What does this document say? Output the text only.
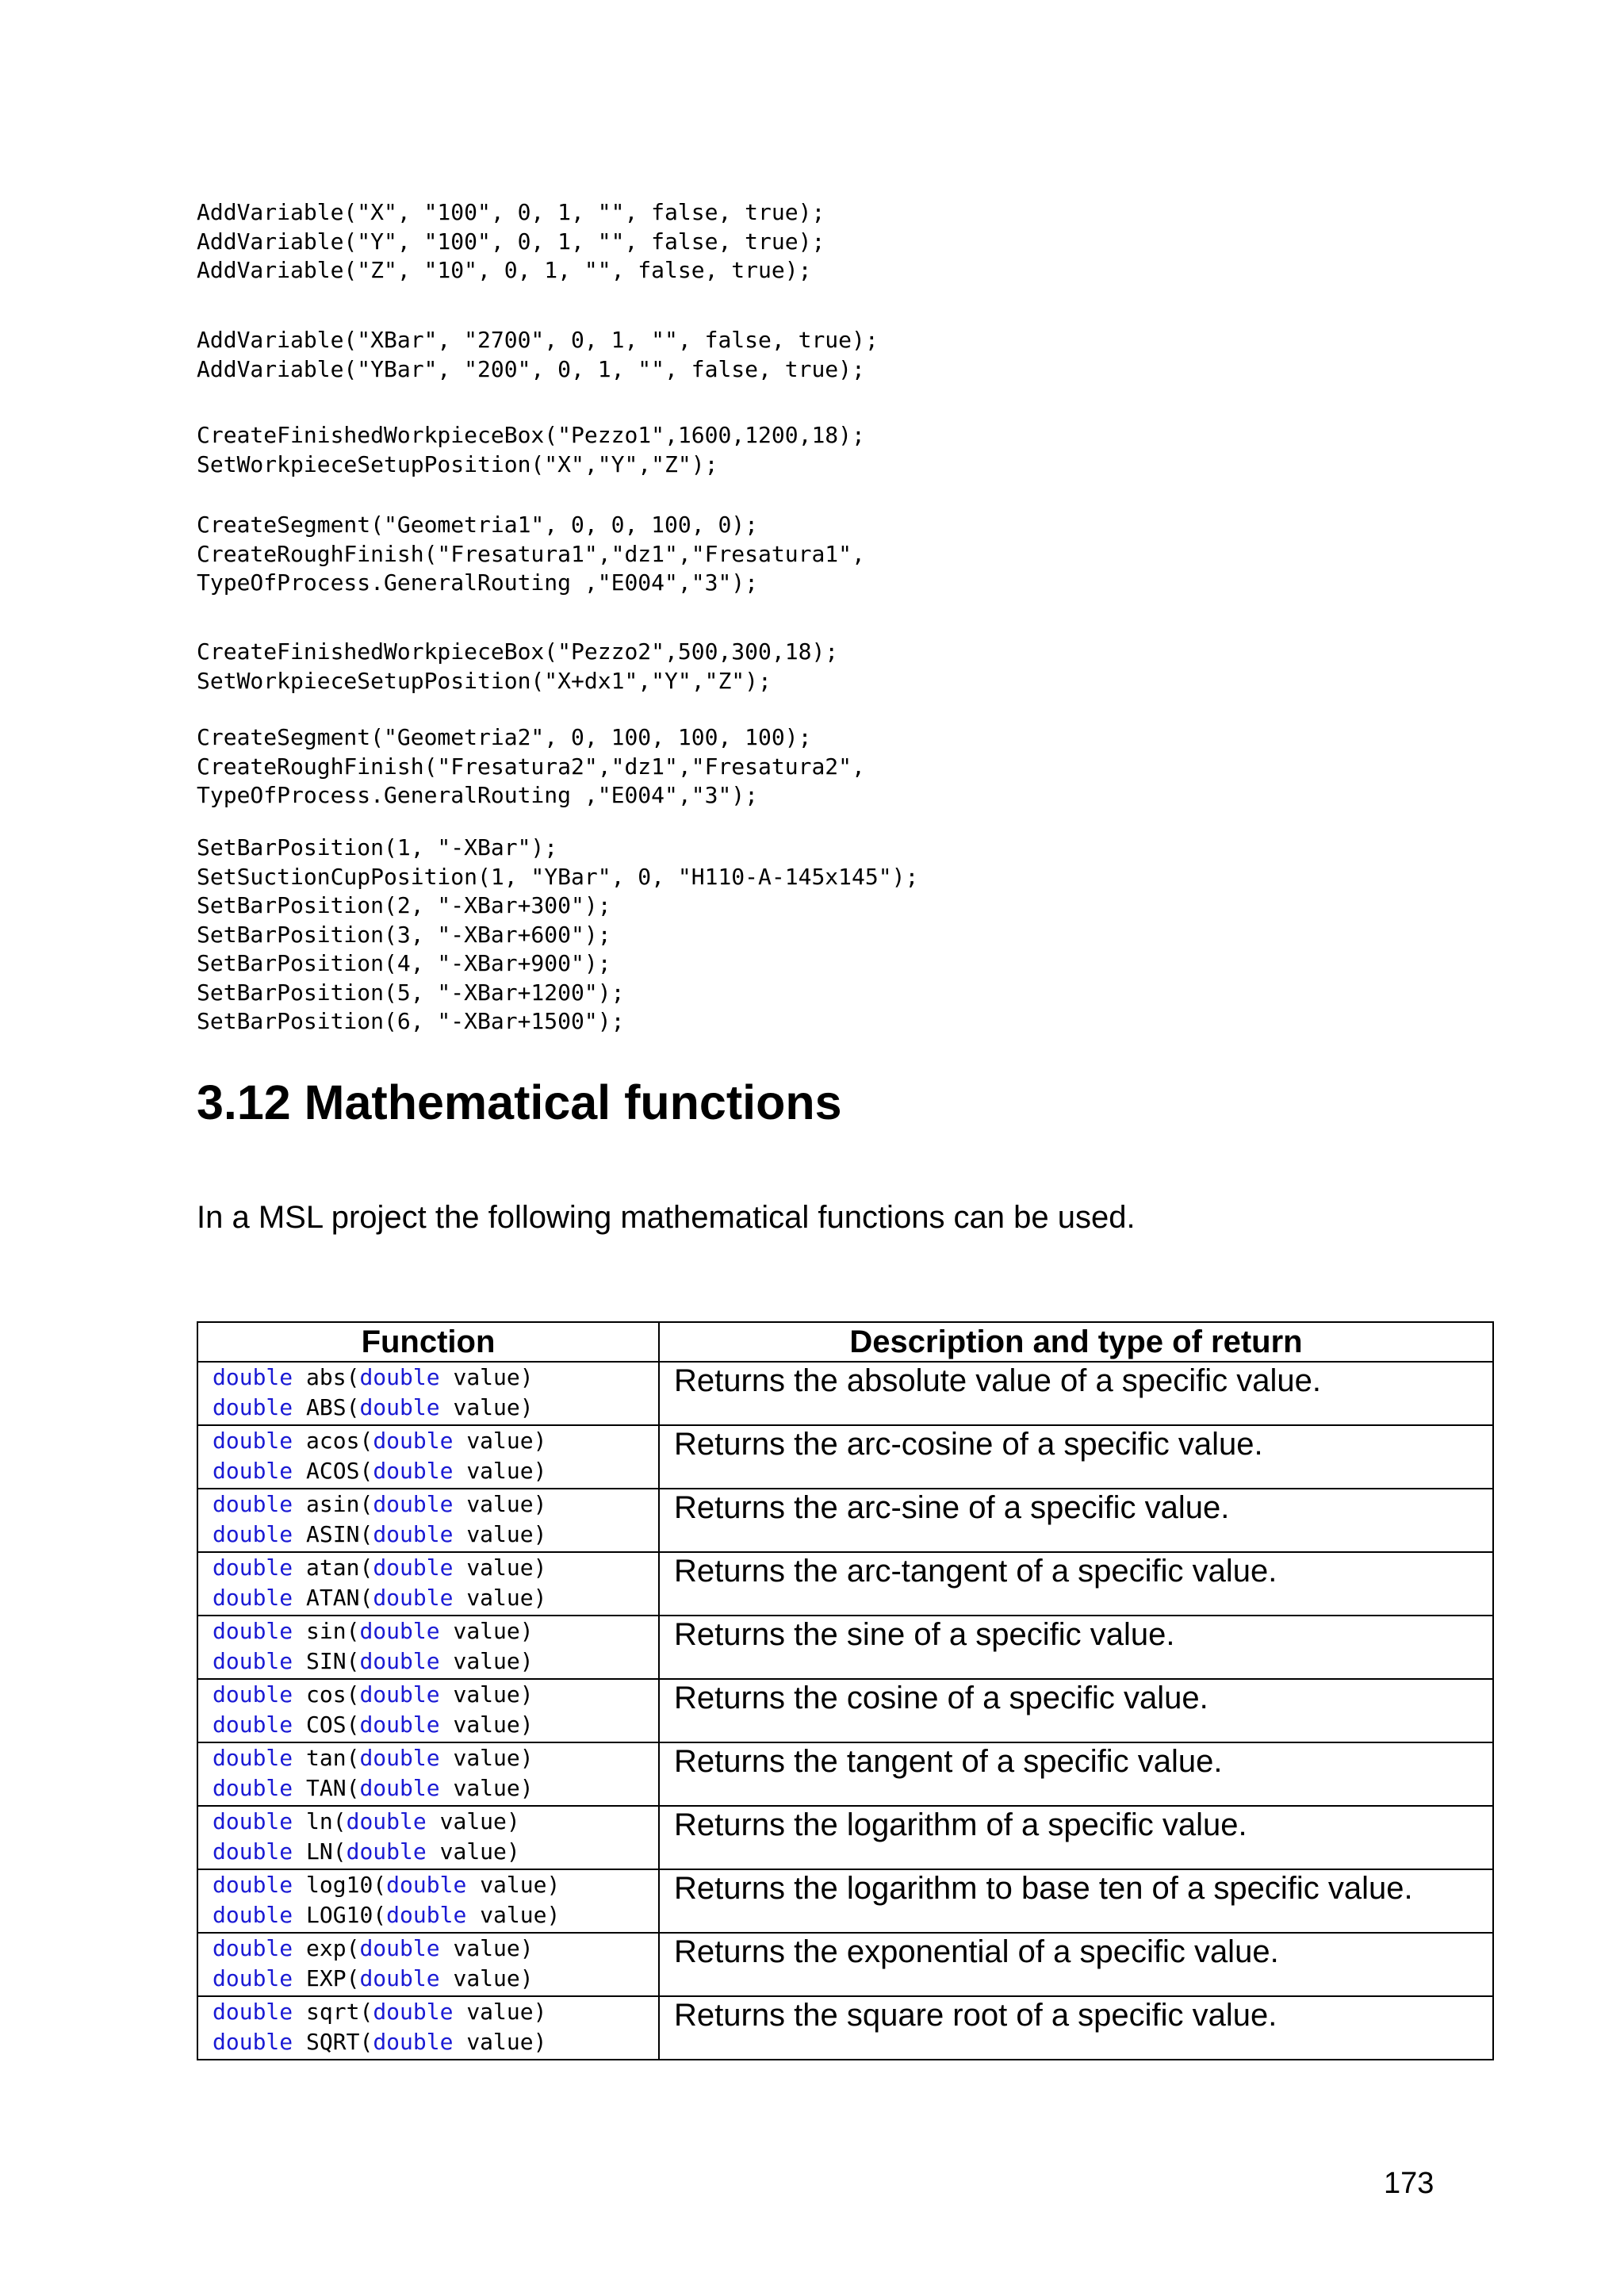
AddVariable("X", "100", 0, 1, "", false, true);
AddVariable("Y", "100", 0, 1, "", false, true);
AddVariable("Z", "10", 0, 1, "", false, true);
AddVariable("XBar", "2700", 0, 1, "", false, true);
AddVariable("YBar", "200", 0, 1, "", false, true);
CreateFinishedWorkpieceBox("Pezzo1",1600,1200,18);
SetWorkpieceSetupPosition("X","Y","Z");
CreateSegment("Geometria1", 0, 0, 100, 0);
CreateRoughFinish("Fresatura1","dz1","Fresatura1",
TypeOfProcess.GeneralRouting ,"E004","3");
CreateFinishedWorkpieceBox("Pezzo2",500,300,18);
SetWorkpieceSetupPosition("X+dx1","Y","Z");
CreateSegment("Geometria2", 0, 100, 100, 100);
CreateRoughFinish("Fresatura2","dz1","Fresatura2",
TypeOfProcess.GeneralRouting ,"E004","3");
SetBarPosition(1, "-XBar");
SetSuctionCupPosition(1, "YBar", 0, "H110-A-145x145");
SetBarPosition(2, "-XBar+300");
SetBarPosition(3, "-XBar+600");
SetBarPosition(4, "-XBar+900");
SetBarPosition(5, "-XBar+1200");
SetBarPosition(6, "-XBar+1500");
3.12 Mathematical functions

In a MSL project the following mathematical functions can be used.

Function	Description and type of return

double abs(double value)
double ABS(double value)	Returns the absolute value of a specific value.

double acos(double value)
double ACOS(double value)	Returns the arc-cosine of a specific value.

double asin(double value)
double ASIN(double value)	Returns the arc-sine of a specific value.

double atan(double value)
double ATAN(double value)	Returns the arc-tangent of a specific value.

double sin(double value)
double SIN(double value)	Returns the sine of a specific value.

double cos(double value)
double COS(double value)	Returns the cosine of a specific value.

double tan(double value)
double TAN(double value)	Returns the tangent of a specific value.

double ln(double value)
double LN(double value)	Returns the logarithm of a specific value.

double log10(double value)
double LOG10(double value)	Returns the logarithm to base ten of a specific value.

double exp(double value)
double EXP(double value)	Returns the exponential of a specific value.

double sqrt(double value)
double SQRT(double value)	Returns the square root of a specific value.
173
